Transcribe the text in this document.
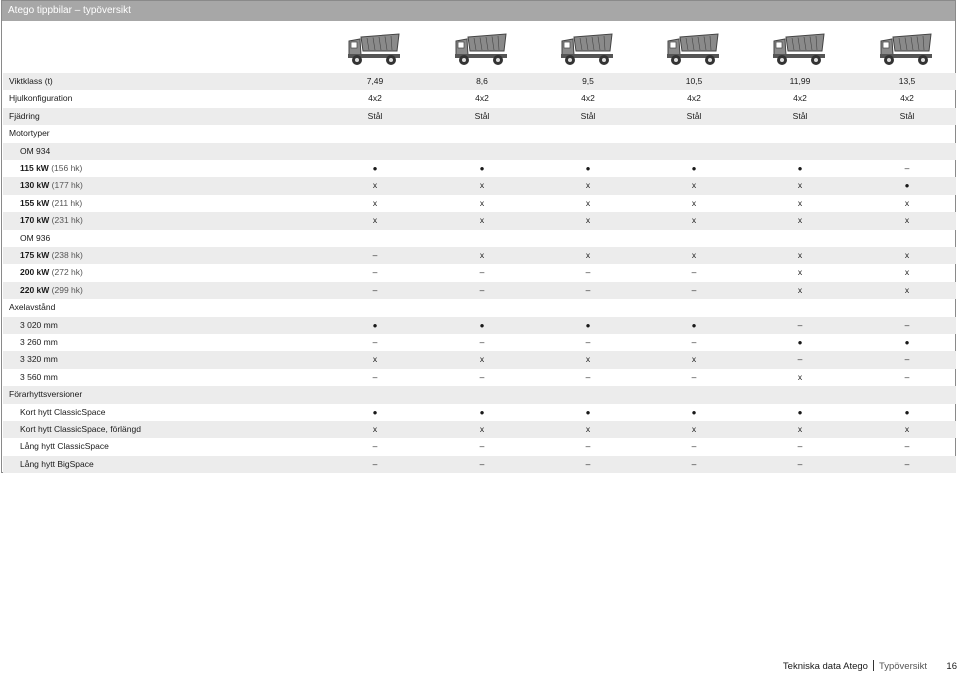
Atego tippbilar – typöversikt
Viktklass (t)	7,49	8,6	9,5	10,5	11,99	13,5
Hjulkonfiguration	4x2	4x2	4x2	4x2	4x2	4x2
Fjädring	Stål	Stål	Stål	Stål	Stål	Stål
Motortyper
OM 934
115 kW (156 hk)	•	•	•	•	•	–
130 kW (177 hk)	x	x	x	x	x	•
155 kW (211 hk)	x	x	x	x	x	x
170 kW (231 hk)	x	x	x	x	x	x
OM 936
175 kW (238 hk)	–	x	x	x	x	x
200 kW (272 hk)	–	–	–	–	x	x
220 kW (299 hk)	–	–	–	–	x	x
Axelavstånd
3 020 mm	•	•	•	•	–	–
3 260 mm	–	–	–	–	•	•
3 320 mm	x	x	x	x	–	–
3 560 mm	–	–	–	–	x	–
Förarhyttsversioner
Kort hytt ClassicSpace	•	•	•	•	•	•
Kort hytt ClassicSpace, förlängd	x	x	x	x	x	x
Lång hytt ClassicSpace	–	–	–	–	–	–
Lång hytt BigSpace	–	–	–	–	–	–
Tekniska data Atego Typöversikt 16
